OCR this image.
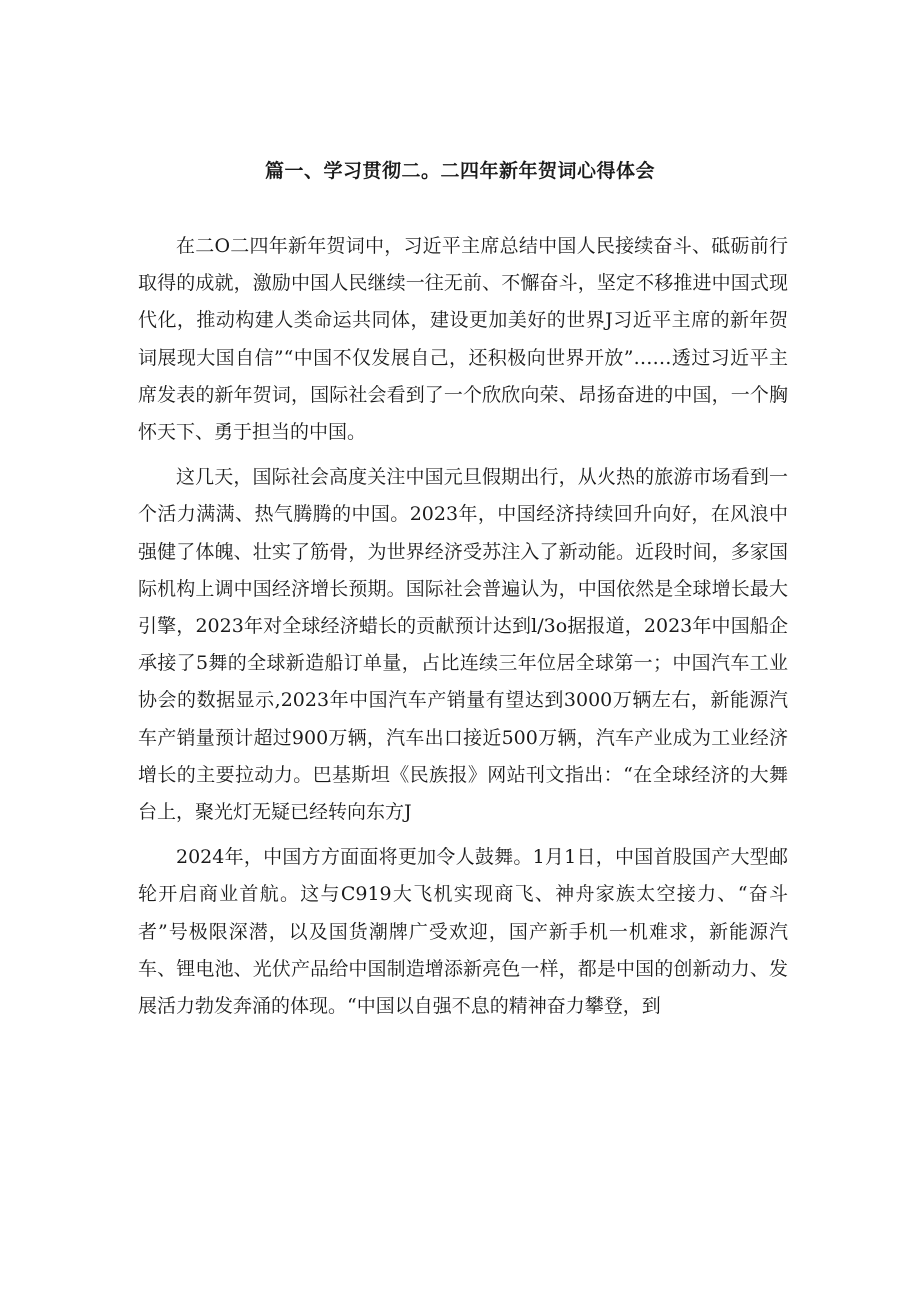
篇一、学习贯彻二。二四年新年贺词心得体会

在二O二四年新年贺词中，习近平主席总结中国人民接续奋斗、砥砺前行取得的成就，激励中国人民继续一往无前、不懈奋斗，坚定不移推进中国式现代化，推动构建人类命运共同体，建设更加美好的世界J习近平主席的新年贺词展现大国自信”“中国不仅发展自己，还积极向世界开放”……透过习近平主席发表的新年贺词，国际社会看到了一个欣欣向荣、昂扬奋进的中国，一个胸怀天下、勇于担当的中国。

这几天，国际社会高度关注中国元旦假期出行，从火热的旅游市场看到一个活力满满、热气腾腾的中国。2023年，中国经济持续回升向好，在风浪中强健了体魄、壮实了筋骨，为世界经济受苏注入了新动能。近段时间，多家国际机构上调中国经济增长预期。国际社会普遍认为，中国依然是全球增长最大引擎，2023年对全球经济蜡长的贡献预计达到l/3o据报道，2023年中国船企承接了5舞的全球新造船订单量，占比连续三年位居全球第一；中国汽车工业协会的数据显示,2023年中国汽车产销量有望达到3000万辆左右，新能源汽车产销量预计超过900万辆，汽车出口接近500万辆，汽车产业成为工业经济增长的主要拉动力。巴基斯坦《民族报》网站刊文指出：“在全球经济的大舞台上，聚光灯无疑已经转向东方J

2024年，中国方方面面将更加令人鼓舞。1月1日，中国首股国产大型邮轮开启商业首航。这与C919大飞机实现商飞、神舟家族太空接力、“奋斗者”号极限深潜，以及国货潮牌广受欢迎，国产新手机一机难求，新能源汽车、锂电池、光伏产品给中国制造增添新亮色一样，都是中国的创新动力、发展活力勃发奔涌的体现。“中国以自强不息的精神奋力攀登，到
